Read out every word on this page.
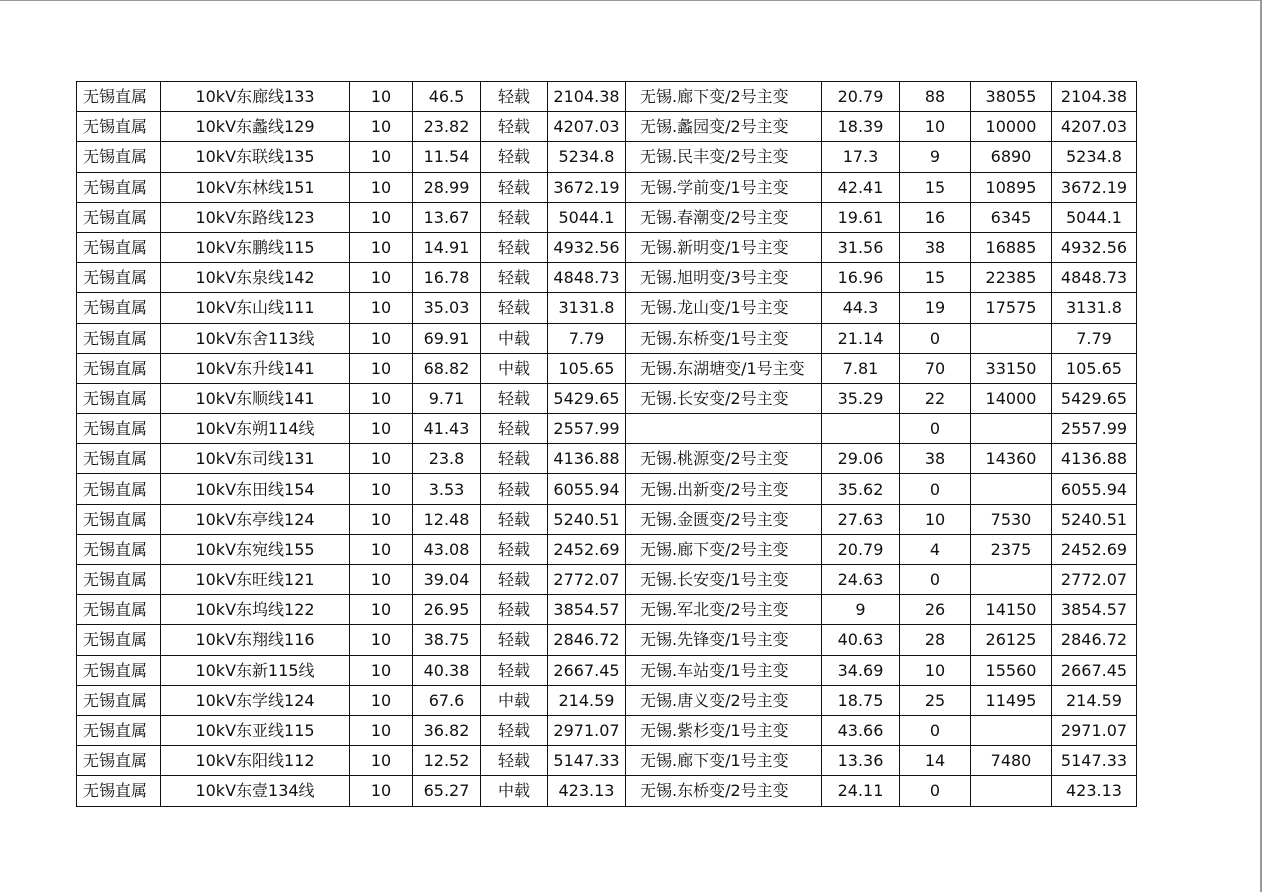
无锡直属	10kV东廊线133	10	46.5	轻载	2104.38	无锡.廊下变/2号主变	20.79	88	38055	2104.38
无锡直属	10kV东蠡线129	10	23.82	轻载	4207.03	无锡.蠡园变/2号主变	18.39	10	10000	4207.03
无锡直属	10kV东联线135	10	11.54	轻载	5234.8	无锡.民丰变/2号主变	17.3	9	6890	5234.8
无锡直属	10kV东林线151	10	28.99	轻载	3672.19	无锡.学前变/1号主变	42.41	15	10895	3672.19
无锡直属	10kV东路线123	10	13.67	轻载	5044.1	无锡.春潮变/2号主变	19.61	16	6345	5044.1
无锡直属	10kV东鹏线115	10	14.91	轻载	4932.56	无锡.新明变/1号主变	31.56	38	16885	4932.56
无锡直属	10kV东泉线142	10	16.78	轻载	4848.73	无锡.旭明变/3号主变	16.96	15	22385	4848.73
无锡直属	10kV东山线111	10	35.03	轻载	3131.8	无锡.龙山变/1号主变	44.3	19	17575	3131.8
无锡直属	10kV东舍113线	10	69.91	中载	7.79	无锡.东桥变/1号主变	21.14	0		7.79
无锡直属	10kV东升线141	10	68.82	中载	105.65	无锡.东湖塘变/1号主变	7.81	70	33150	105.65
无锡直属	10kV东顺线141	10	9.71	轻载	5429.65	无锡.长安变/2号主变	35.29	22	14000	5429.65
无锡直属	10kV东朔114线	10	41.43	轻载	2557.99			0		2557.99
无锡直属	10kV东司线131	10	23.8	轻载	4136.88	无锡.桃源变/2号主变	29.06	38	14360	4136.88
无锡直属	10kV东田线154	10	3.53	轻载	6055.94	无锡.出新变/2号主变	35.62	0		6055.94
无锡直属	10kV东亭线124	10	12.48	轻载	5240.51	无锡.金匮变/2号主变	27.63	10	7530	5240.51
无锡直属	10kV东宛线155	10	43.08	轻载	2452.69	无锡.廊下变/2号主变	20.79	4	2375	2452.69
无锡直属	10kV东旺线121	10	39.04	轻载	2772.07	无锡.长安变/1号主变	24.63	0		2772.07
无锡直属	10kV东坞线122	10	26.95	轻载	3854.57	无锡.军北变/2号主变	9	26	14150	3854.57
无锡直属	10kV东翔线116	10	38.75	轻载	2846.72	无锡.先锋变/1号主变	40.63	28	26125	2846.72
无锡直属	10kV东新115线	10	40.38	轻载	2667.45	无锡.车站变/1号主变	34.69	10	15560	2667.45
无锡直属	10kV东学线124	10	67.6	中载	214.59	无锡.唐义变/2号主变	18.75	25	11495	214.59
无锡直属	10kV东亚线115	10	36.82	轻载	2971.07	无锡.紫杉变/1号主变	43.66	0		2971.07
无锡直属	10kV东阳线112	10	12.52	轻载	5147.33	无锡.廊下变/1号主变	13.36	14	7480	5147.33
无锡直属	10kV东壹134线	10	65.27	中载	423.13	无锡.东桥变/2号主变	24.11	0		423.13
